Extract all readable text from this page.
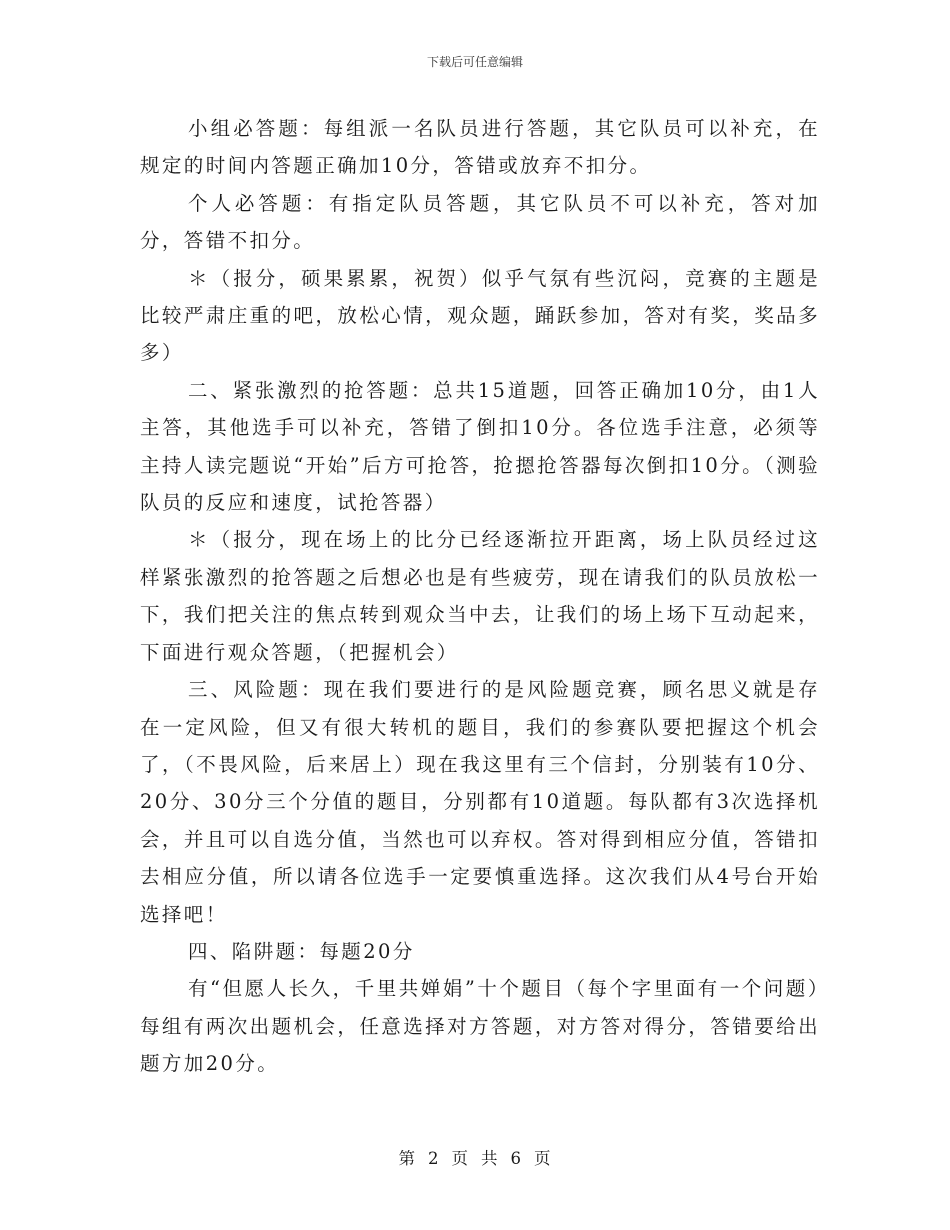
下载后可任意编辑

小组必答题：每组派一名队员进行答题，其它队员可以补充，在规定的时间内答题正确加10分，答错或放弃不扣分。

个人必答题：有指定队员答题，其它队员不可以补充，答对加分，答错不扣分。

＊（报分，硕果累累，祝贺）似乎气氛有些沉闷，竞赛的主题是比较严肃庄重的吧，放松心情，观众题，踊跃参加，答对有奖，奖品多多）

二、紧张激烈的抢答题：总共15道题，回答正确加10分，由1人主答，其他选手可以补充，答错了倒扣10分。各位选手注意，必须等主持人读完题说“开始”后方可抢答，抢摁抢答器每次倒扣10分。（测验队员的反应和速度，试抢答器）

＊（报分，现在场上的比分已经逐渐拉开距离，场上队员经过这样紧张激烈的抢答题之后想必也是有些疲劳，现在请我们的队员放松一下，我们把关注的焦点转到观众当中去，让我们的场上场下互动起来，下面进行观众答题，（把握机会）

三、风险题：现在我们要进行的是风险题竞赛，顾名思义就是存在一定风险，但又有很大转机的题目，我们的参赛队要把握这个机会了，（不畏风险，后来居上）现在我这里有三个信封，分别装有10分、20分、30分三个分值的题目，分别都有10道题。每队都有3次选择机会，并且可以自选分值，当然也可以弃权。答对得到相应分值，答错扣去相应分值，所以请各位选手一定要慎重选择。这次我们从4号台开始选择吧！

四、陷阱题：每题20分

有“但愿人长久，千里共婵娟”十个题目（每个字里面有一个问题）每组有两次出题机会，任意选择对方答题，对方答对得分，答错要给出题方加20分。

第 2 页 共 6 页
